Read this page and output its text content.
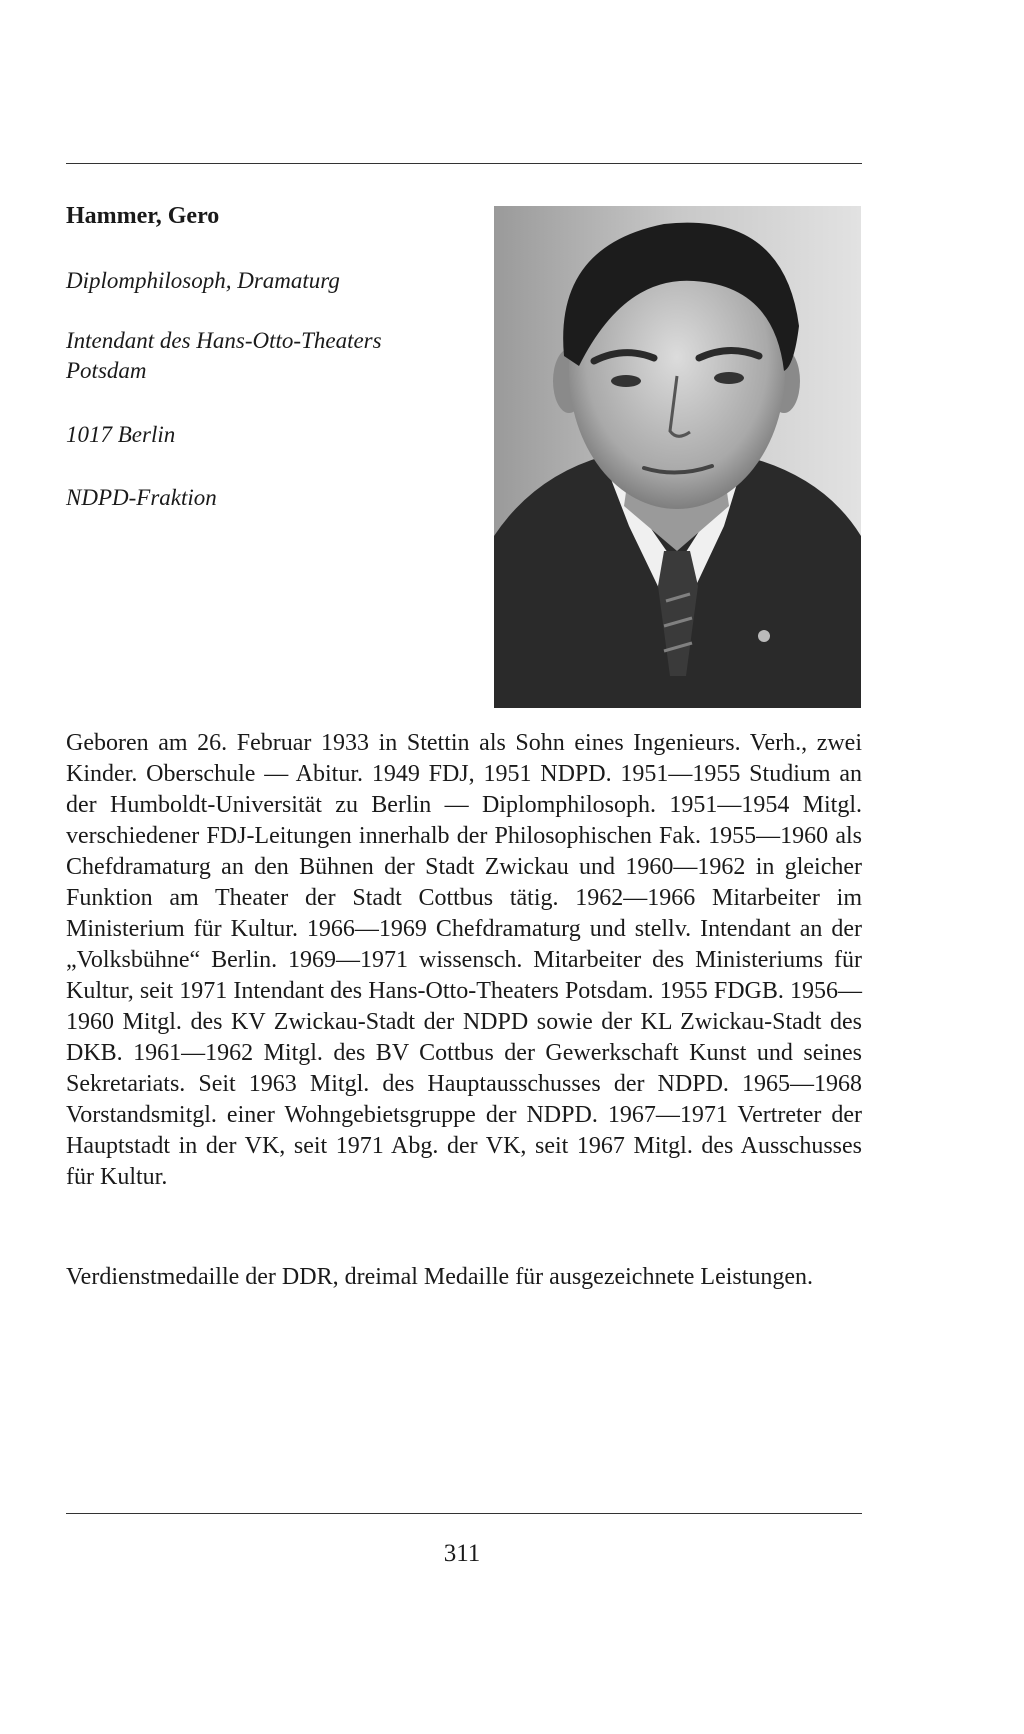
Hammer, Gero

Diplomphilosoph, Dramaturg

Intendant des Hans-Otto-Theaters Potsdam

1017 Berlin

NDPD-Fraktion

Geboren am 26. Februar 1933 in Stettin als Sohn eines Ingenieurs. Verh., zwei Kinder. Oberschule — Abitur. 1949 FDJ, 1951 NDPD. 1951—1955 Studium an der Humboldt-Universität zu Berlin — Diplomphilosoph. 1951—1954 Mitgl. verschiedener FDJ-Leitungen innerhalb der Philosophischen Fak. 1955—1960 als Chefdramaturg an den Bühnen der Stadt Zwickau und 1960—1962 in gleicher Funktion am Theater der Stadt Cottbus tätig. 1962—1966 Mitarbeiter im Ministerium für Kultur. 1966—1969 Chefdramaturg und stellv. Intendant an der „Volksbühne“ Berlin. 1969—1971 wissensch. Mitarbeiter des Ministeriums für Kultur, seit 1971 Intendant des Hans-Otto-Theaters Potsdam. 1955 FDGB. 1956—1960 Mitgl. des KV Zwickau-Stadt der NDPD sowie der KL Zwickau-Stadt des DKB. 1961—1962 Mitgl. des BV Cottbus der Gewerkschaft Kunst und seines Sekretariats. Seit 1963 Mitgl. des Hauptausschusses der NDPD. 1965—1968 Vorstandsmitgl. einer Wohngebietsgruppe der NDPD. 1967—1971 Vertreter der Hauptstadt in der VK, seit 1971 Abg. der VK, seit 1967 Mitgl. des Ausschusses für Kultur.

Verdienstmedaille der DDR, dreimal Medaille für ausgezeichnete Leistungen.

311
